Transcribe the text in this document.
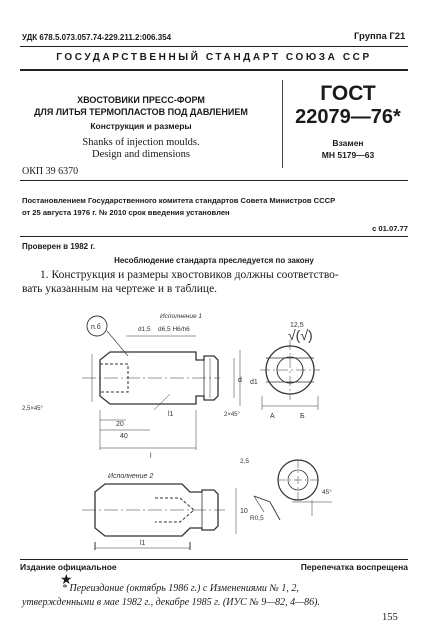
УДК 678.5.073.057.74-229.211.2:006.354	Группа Г21
ГОСУДАРСТВЕННЫЙ СТАНДАРТ СОЮЗА ССР
ХВОСТОВИКИ ПРЕСС-ФОРМ
ДЛЯ ЛИТЬЯ ТЕРМОПЛАСТОВ ПОД ДАВЛЕНИЕМ
Конструкция и размеры
Shanks of injection moulds.
Design and dimensions
ГОСТ
22079—76*
Взамен
МН 5179—63
ОКП 39 6370
Постановлением Государственного комитета стандартов Совета Министров СССР
от 25 августа 1976 г. № 2010 срок введения установлен
с 01.07.77
Проверен в 1982 г.
Несоблюдение стандарта преследуется по закону
1. Конструкция и размеры хвостовиков должны соответство-
вать указанным на чертеже и в таблице.
Исполнение 1
п.б	d1,5 d6,5 H6/h6
12,5
√(√)
2,5×45°
2×45°
20
40
l1
l
d d1
А	Б
Исполнение 2
2,5
45°
R0,5
10
l1
Издание официальное	Перепечатка воспрещена
★
* Переиздание (октябрь 1986 г.) с Изменениями № 1, 2,
утвержденными в мае 1982 г., декабре 1985 г. (ИУС № 9—82, 4—86).
155
